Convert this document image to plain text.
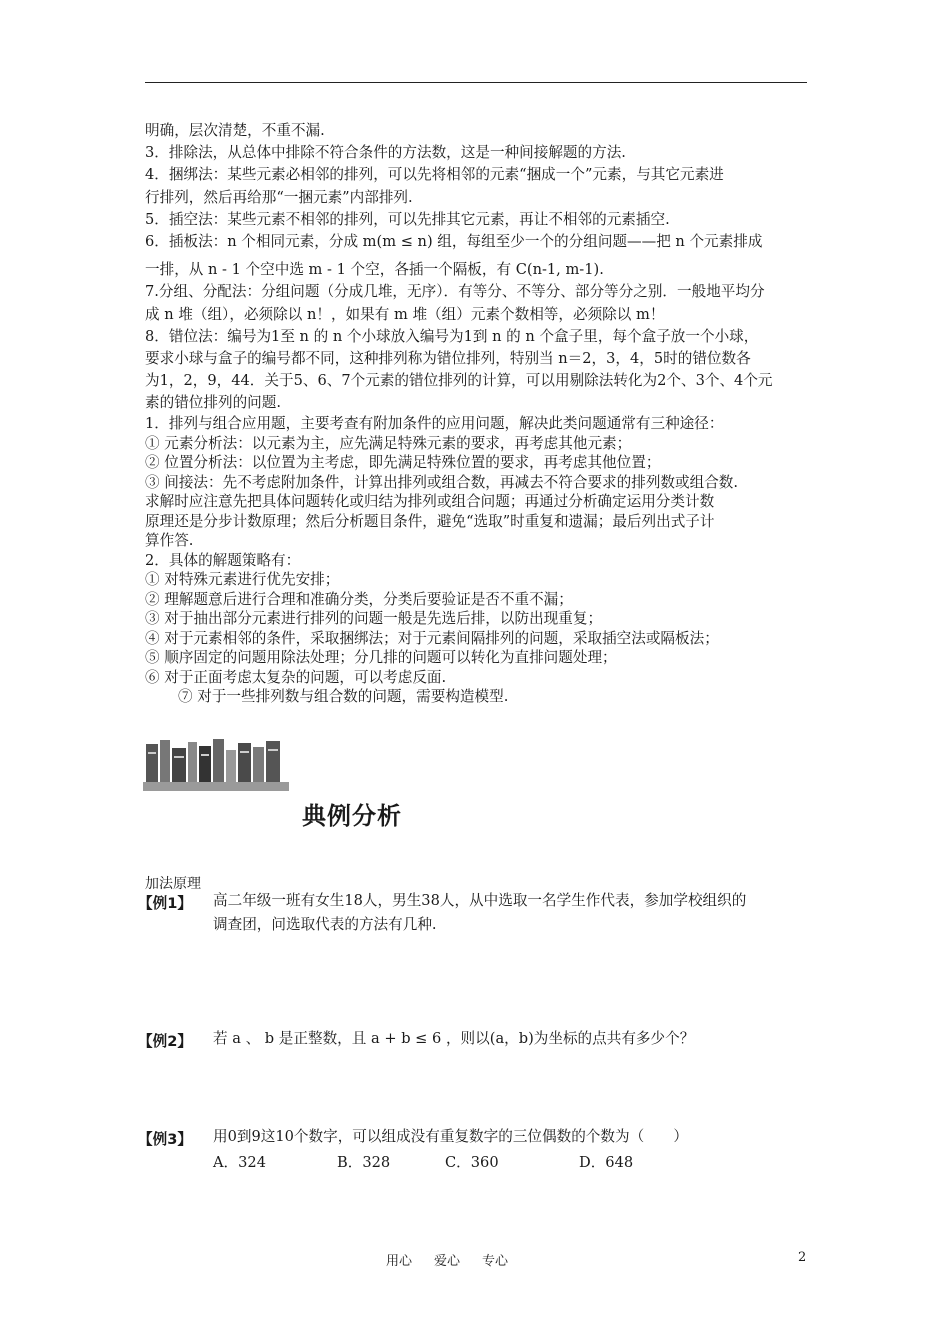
明确，层次清楚，不重不漏.
3．排除法，从总体中排除不符合条件的方法数，这是一种间接解题的方法.
4．捆绑法：某些元素必相邻的排列，可以先将相邻的元素“捆成一个”元素，与其它元素进
行排列，然后再给那“一捆元素”内部排列.
5．插空法：某些元素不相邻的排列，可以先排其它元素，再让不相邻的元素插空.
6．插板法：n 个相同元素，分成 m(m ≤ n) 组，每组至少一个的分组问题——把 n 个元素排成
一排，从 n - 1 个空中选 m - 1 个空，各插一个隔板，有 C(n-1, m-1).
7.分组、分配法：分组问题（分成几堆，无序）．有等分、不等分、部分等分之别．一般地平均分
成 n 堆（组），必须除以 n！，如果有 m 堆（组）元素个数相等，必须除以 m！
8．错位法：编号为1至 n 的 n 个小球放入编号为1到 n 的 n 个盒子里，每个盒子放一个小球，
要求小球与盒子的编号都不同，这种排列称为错位排列，特别当 n＝2，3，4，5时的错位数各
为1，2，9，44．关于5、6、7个元素的错位排列的计算，可以用剔除法转化为2个、3个、4个元
素的错位排列的问题.
1．排列与组合应用题，主要考查有附加条件的应用问题，解决此类问题通常有三种途径：
① 元素分析法：以元素为主，应先满足特殊元素的要求，再考虑其他元素；
② 位置分析法：以位置为主考虑，即先满足特殊位置的要求，再考虑其他位置；
③ 间接法：先不考虑附加条件，计算出排列或组合数，再减去不符合要求的排列数或组合数.
求解时应注意先把具体问题转化或归结为排列或组合问题；再通过分析确定运用分类计数
原理还是分步计数原理；然后分析题目条件，避免“选取”时重复和遗漏；最后列出式子计
算作答.
2．具体的解题策略有：
① 对特殊元素进行优先安排；
② 理解题意后进行合理和准确分类，分类后要验证是否不重不漏；
③ 对于抽出部分元素进行排列的问题一般是先选后排，以防出现重复；
④ 对于元素相邻的条件，采取捆绑法；对于元素间隔排列的问题，采取插空法或隔板法；
⑤ 顺序固定的问题用除法处理；分几排的问题可以转化为直排问题处理；
⑥ 对于正面考虑太复杂的问题，可以考虑反面.
⑦ 对于一些排列数与组合数的问题，需要构造模型.
典例分析
加法原理
【例1】 高二年级一班有女生18人，男生38人，从中选取一名学生作代表，参加学校组织的
调查团，问选取代表的方法有几种.
【例2】 若 a 、 b 是正整数，且 a + b ≤ 6 ，则以(a，b)为坐标的点共有多少个？
【例3】 用0到9这10个数字，可以组成没有重复数字的三位偶数的个数为（　　）
A．324	B．328	C．360	D．648
用心 爱心 专心	2
